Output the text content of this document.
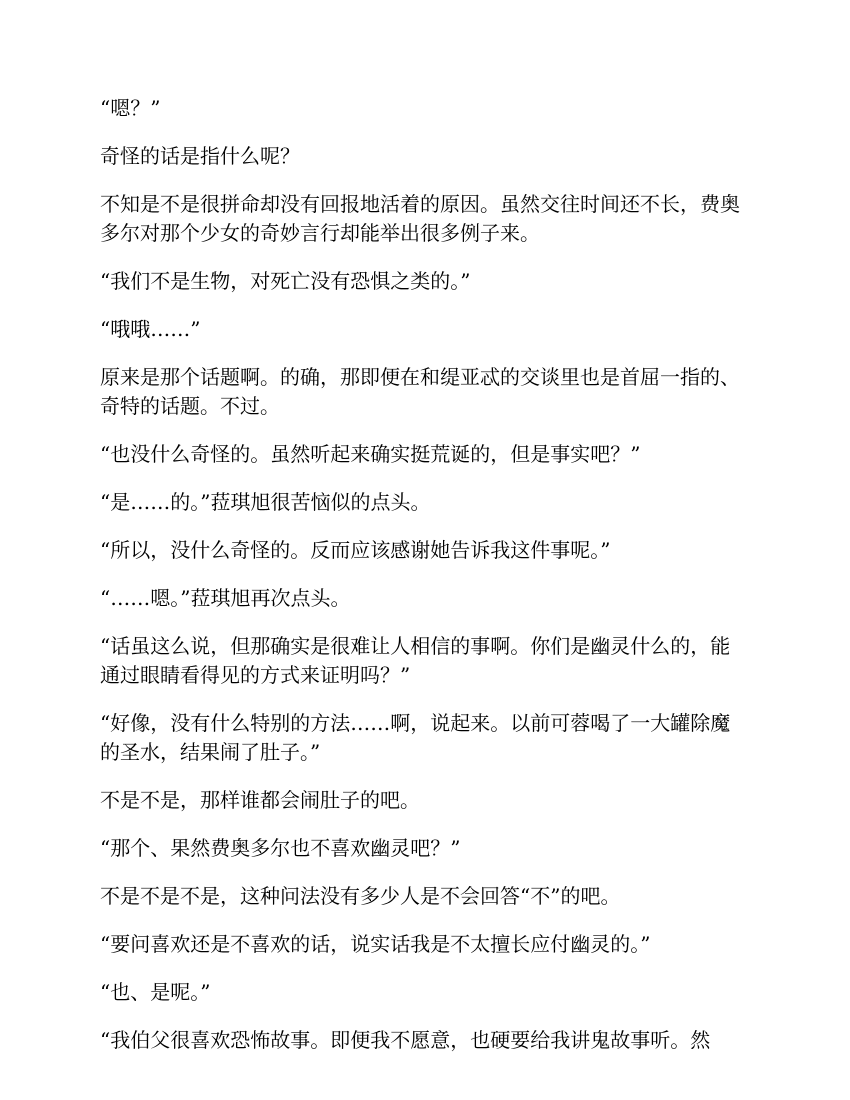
“嗯？”

奇怪的话是指什么呢？

不知是不是很拼命却没有回报地活着的原因。虽然交往时间还不长，费奥多尔对那个少女的奇妙言行却能举出很多例子来。

“我们不是生物，对死亡没有恐惧之类的。”

“哦哦……”

原来是那个话题啊。的确，那即便在和缇亚忒的交谈里也是首屈一指的、奇特的话题。不过。

“也没什么奇怪的。虽然听起来确实挺荒诞的，但是事实吧？”

“是……的。”菈琪旭很苦恼似的点头。

“所以，没什么奇怪的。反而应该感谢她告诉我这件事呢。”

“……嗯。”菈琪旭再次点头。

“话虽这么说，但那确实是很难让人相信的事啊。你们是幽灵什么的，能通过眼睛看得见的方式来证明吗？”

“好像，没有什么特别的方法……啊，说起来。以前可蓉喝了一大罐除魔的圣水，结果闹了肚子。”

不是不是，那样谁都会闹肚子的吧。

“那个、果然费奥多尔也不喜欢幽灵吧？”

不是不是不是，这种问法没有多少人是不会回答“不”的吧。

“要问喜欢还是不喜欢的话，说实话我是不太擅长应付幽灵的。”

“也、是呢。”

“我伯父很喜欢恐怖故事。即便我不愿意，也硬要给我讲鬼故事听。然
